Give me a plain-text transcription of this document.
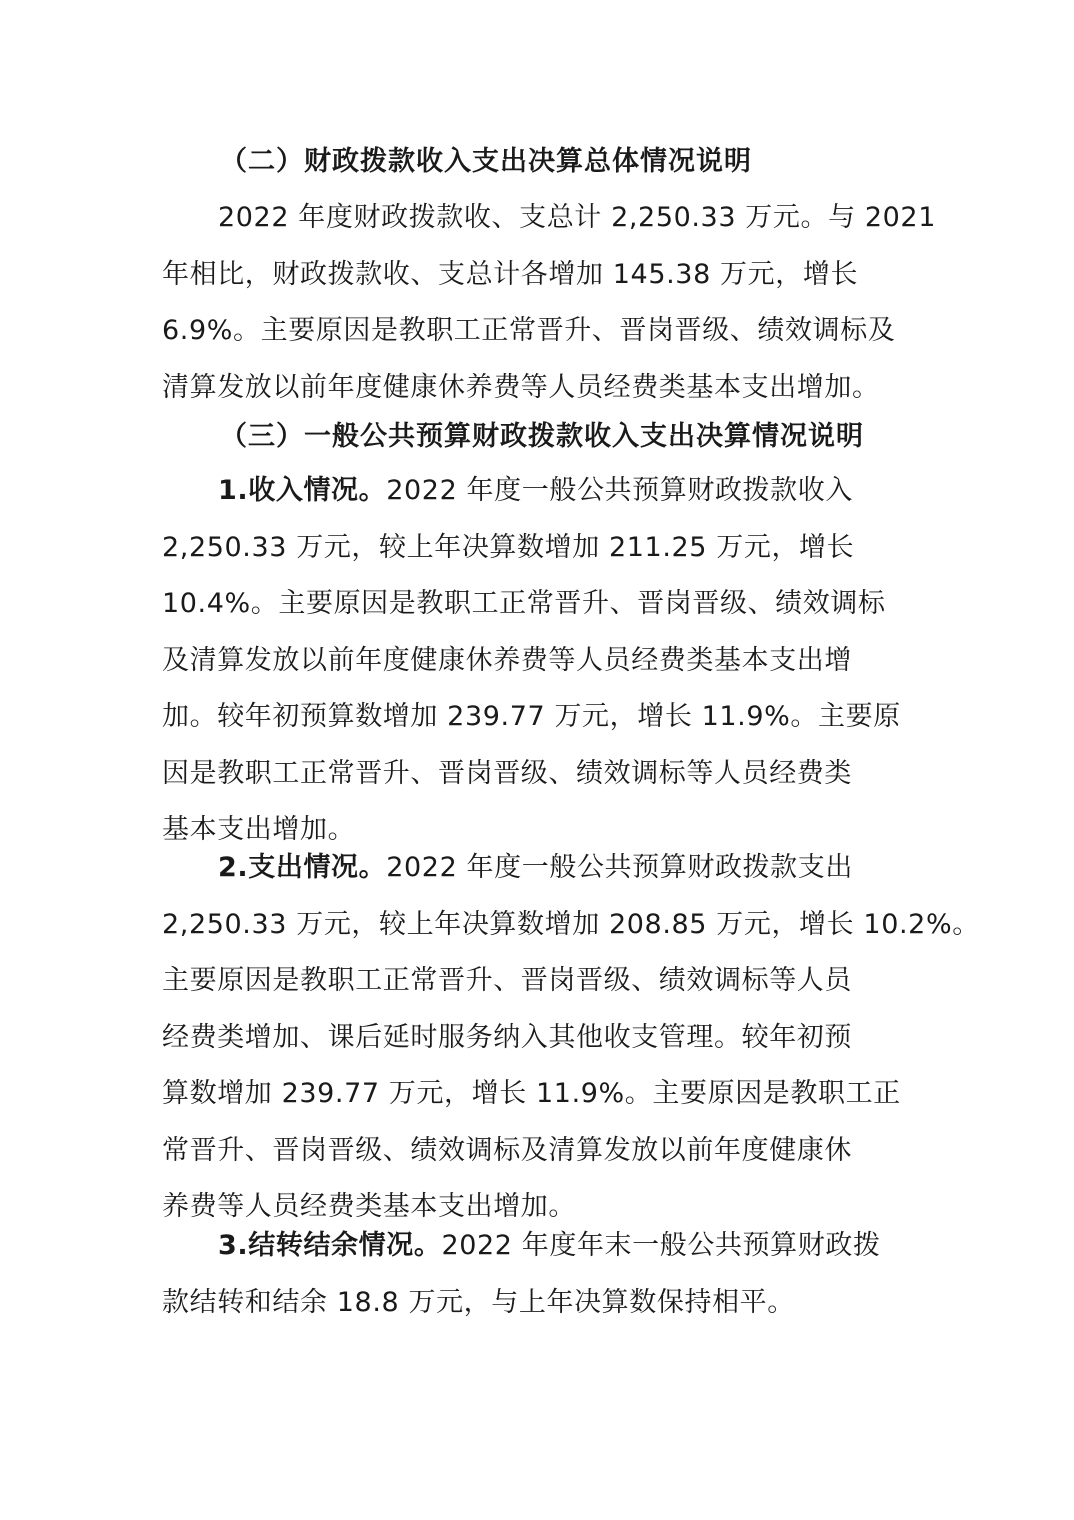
（二）财政拨款收入支出决算总体情况说明
2022 年度财政拨款收、支总计 2,250.33 万元。与 2021
年相比，财政拨款收、支总计各增加 145.38 万元，增长
6.9%。主要原因是教职工正常晋升、晋岗晋级、绩效调标及
清算发放以前年度健康休养费等人员经费类基本支出增加。
（三）一般公共预算财政拨款收入支出决算情况说明
1.收入情况。2022 年度一般公共预算财政拨款收入
2,250.33 万元，较上年决算数增加 211.25 万元，增长
10.4%。主要原因是教职工正常晋升、晋岗晋级、绩效调标
及清算发放以前年度健康休养费等人员经费类基本支出增
加。较年初预算数增加 239.77 万元，增长 11.9%。主要原
因是教职工正常晋升、晋岗晋级、绩效调标等人员经费类
基本支出增加。
2.支出情况。2022 年度一般公共预算财政拨款支出
2,250.33 万元，较上年决算数增加 208.85 万元，增长 10.2%。
主要原因是教职工正常晋升、晋岗晋级、绩效调标等人员
经费类增加、课后延时服务纳入其他收支管理。较年初预
算数增加 239.77 万元，增长 11.9%。主要原因是教职工正
常晋升、晋岗晋级、绩效调标及清算发放以前年度健康休
养费等人员经费类基本支出增加。
3.结转结余情况。2022 年度年末一般公共预算财政拨
款结转和结余 18.8 万元，与上年决算数保持相平。
